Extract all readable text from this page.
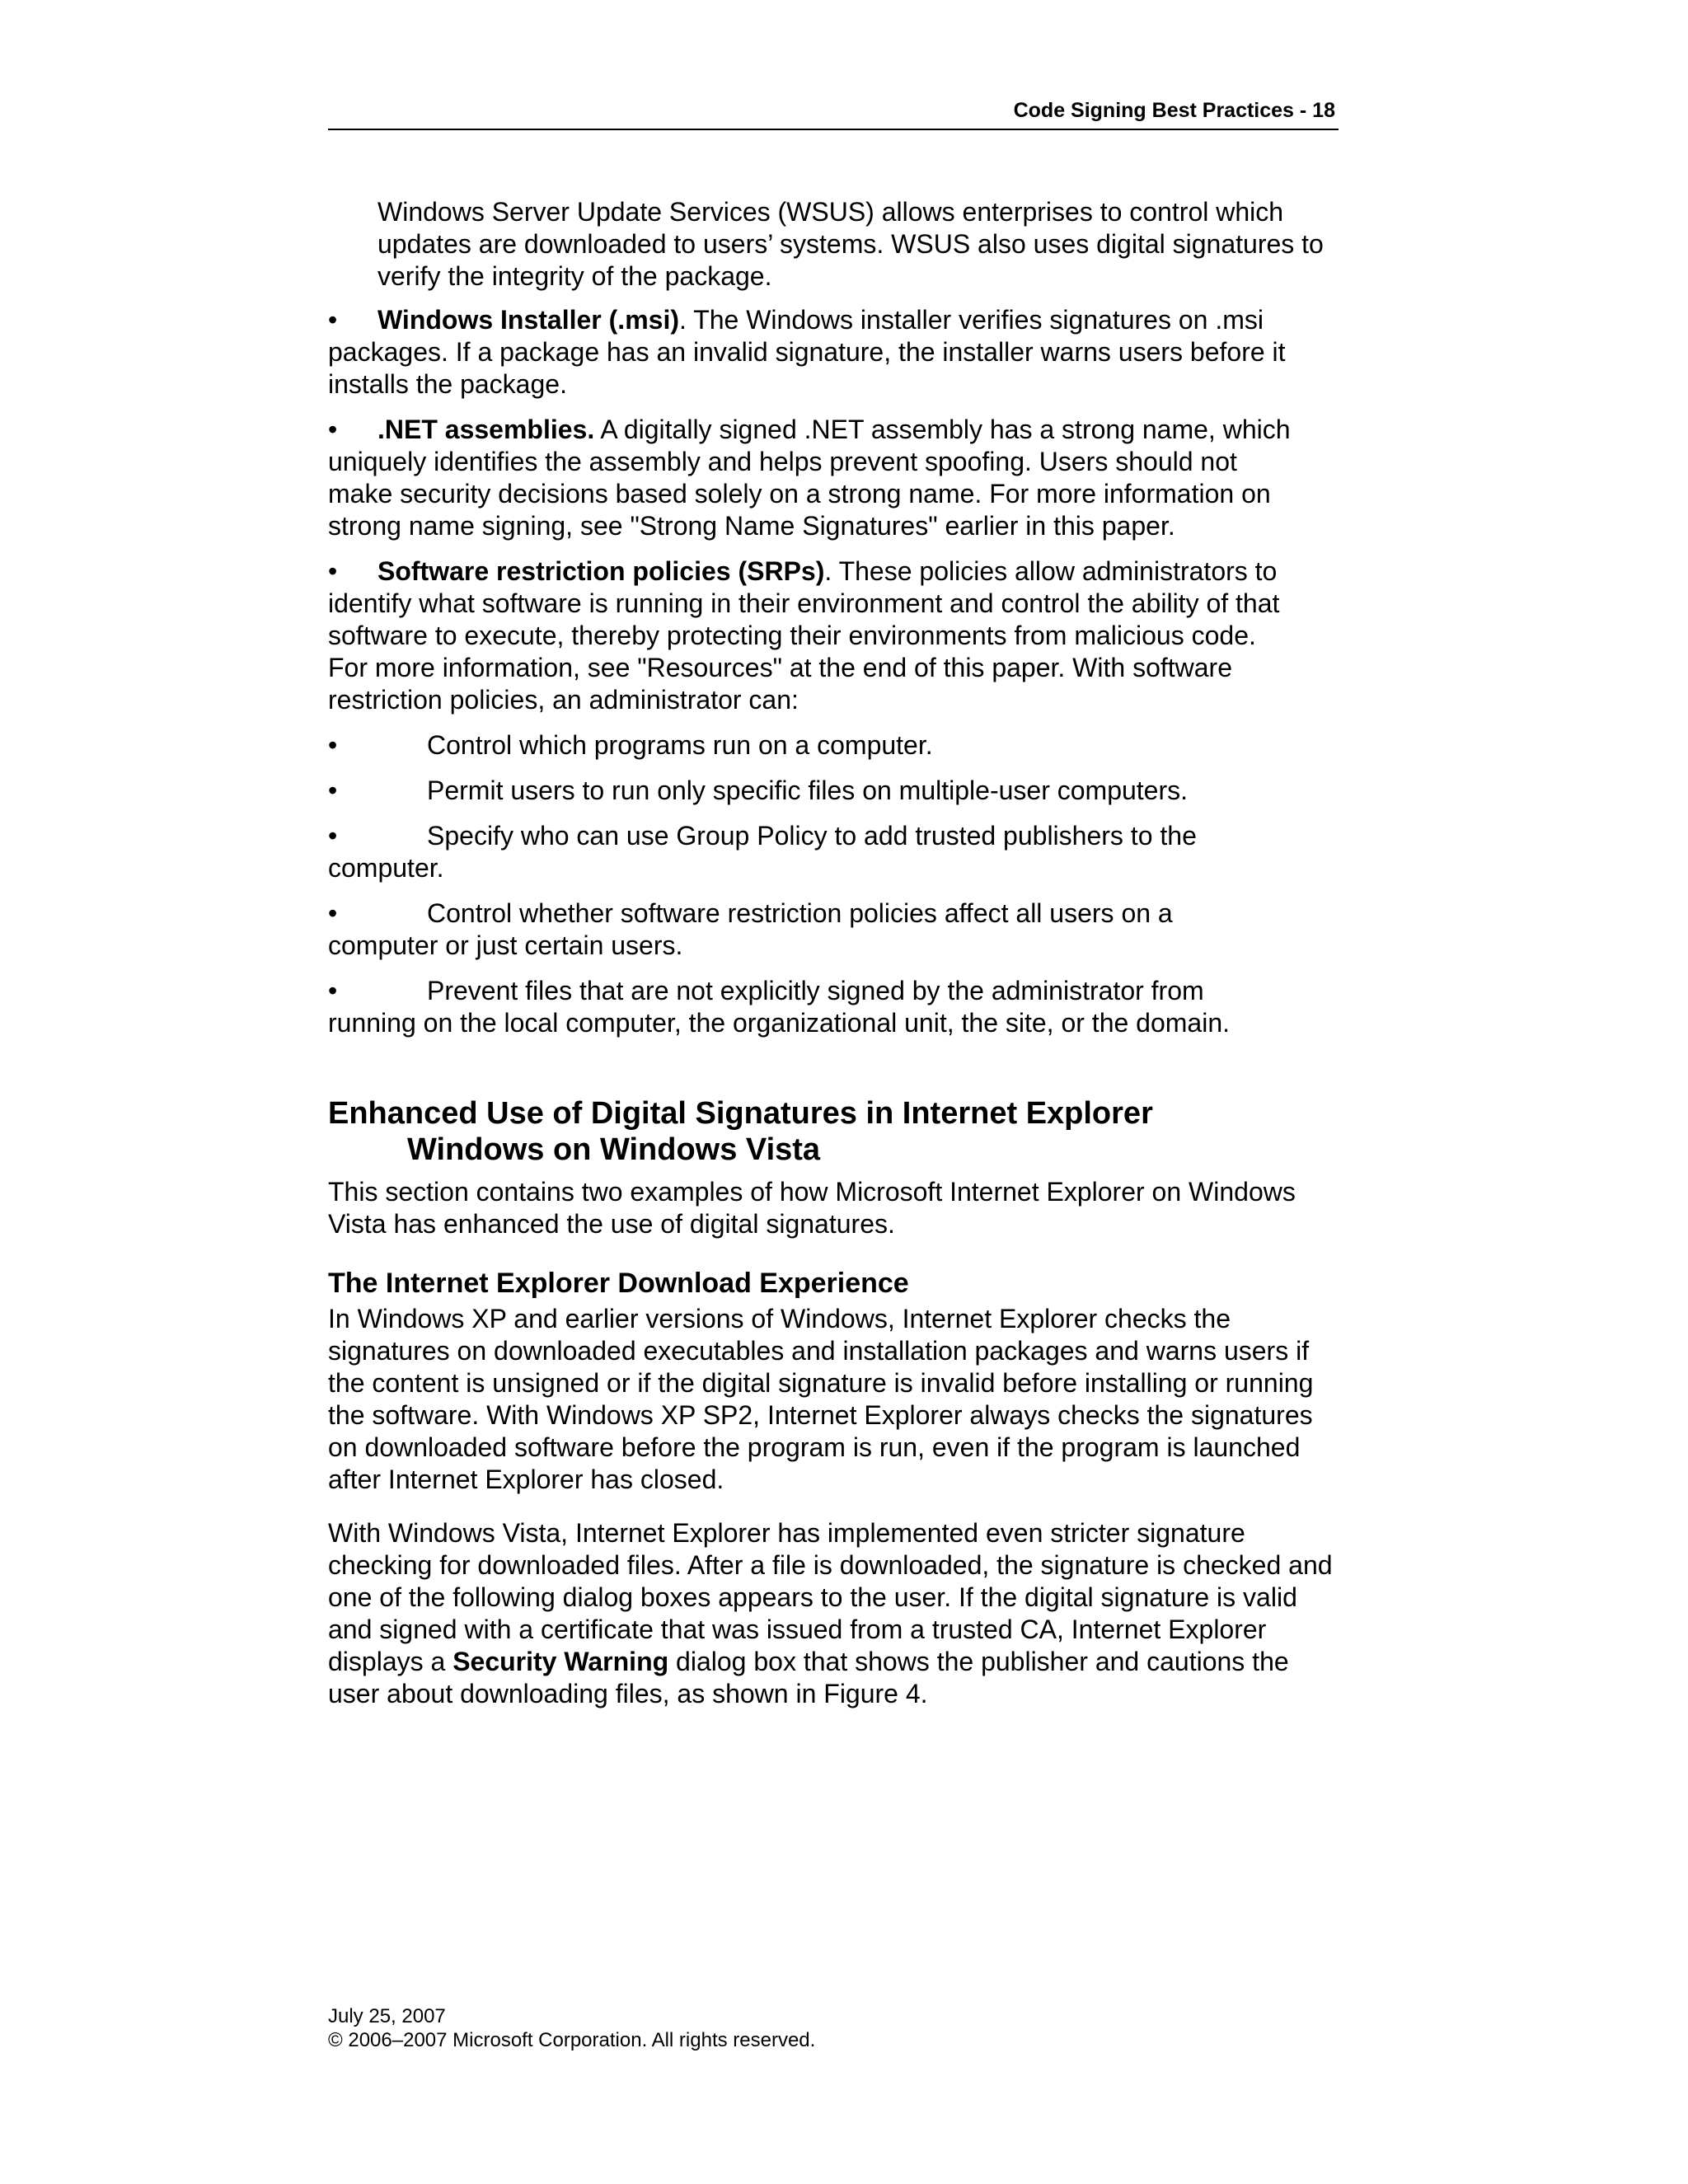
Code Signing Best Practices - 18

Windows Server Update Services (WSUS) allows enterprises to control which updates are downloaded to users’ systems. WSUS also uses digital signatures to verify the integrity of the package.

• Windows Installer (.msi). The Windows installer verifies signatures on .msi packages. If a package has an invalid signature, the installer warns users before it installs the package.

• .NET assemblies. A digitally signed .NET assembly has a strong name, which uniquely identifies the assembly and helps prevent spoofing. Users should not make security decisions based solely on a strong name. For more information on strong name signing, see "Strong Name Signatures" earlier in this paper.

• Software restriction policies (SRPs). These policies allow administrators to identify what software is running in their environment and control the ability of that software to execute, thereby protecting their environments from malicious code. For more information, see "Resources" at the end of this paper. With software restriction policies, an administrator can:

•	Control which programs run on a computer.

•	Permit users to run only specific files on multiple-user computers.

•	Specify who can use Group Policy to add trusted publishers to the computer.

•	Control whether software restriction policies affect all users on a computer or just certain users.

•	Prevent files that are not explicitly signed by the administrator from running on the local computer, the organizational unit, the site, or the domain.

Enhanced Use of Digital Signatures in Internet Explorer
Windows on Windows Vista

This section contains two examples of how Microsoft Internet Explorer on Windows Vista has enhanced the use of digital signatures.

The Internet Explorer Download Experience

In Windows XP and earlier versions of Windows, Internet Explorer checks the signatures on downloaded executables and installation packages and warns users if the content is unsigned or if the digital signature is invalid before installing or running the software. With Windows XP SP2, Internet Explorer always checks the signatures on downloaded software before the program is run, even if the program is launched after Internet Explorer has closed.

With Windows Vista, Internet Explorer has implemented even stricter signature checking for downloaded files. After a file is downloaded, the signature is checked and one of the following dialog boxes appears to the user. If the digital signature is valid and signed with a certificate that was issued from a trusted CA, Internet Explorer displays a Security Warning dialog box that shows the publisher and cautions the user about downloading files, as shown in Figure 4.

July 25, 2007
© 2006–2007 Microsoft Corporation. All rights reserved.
